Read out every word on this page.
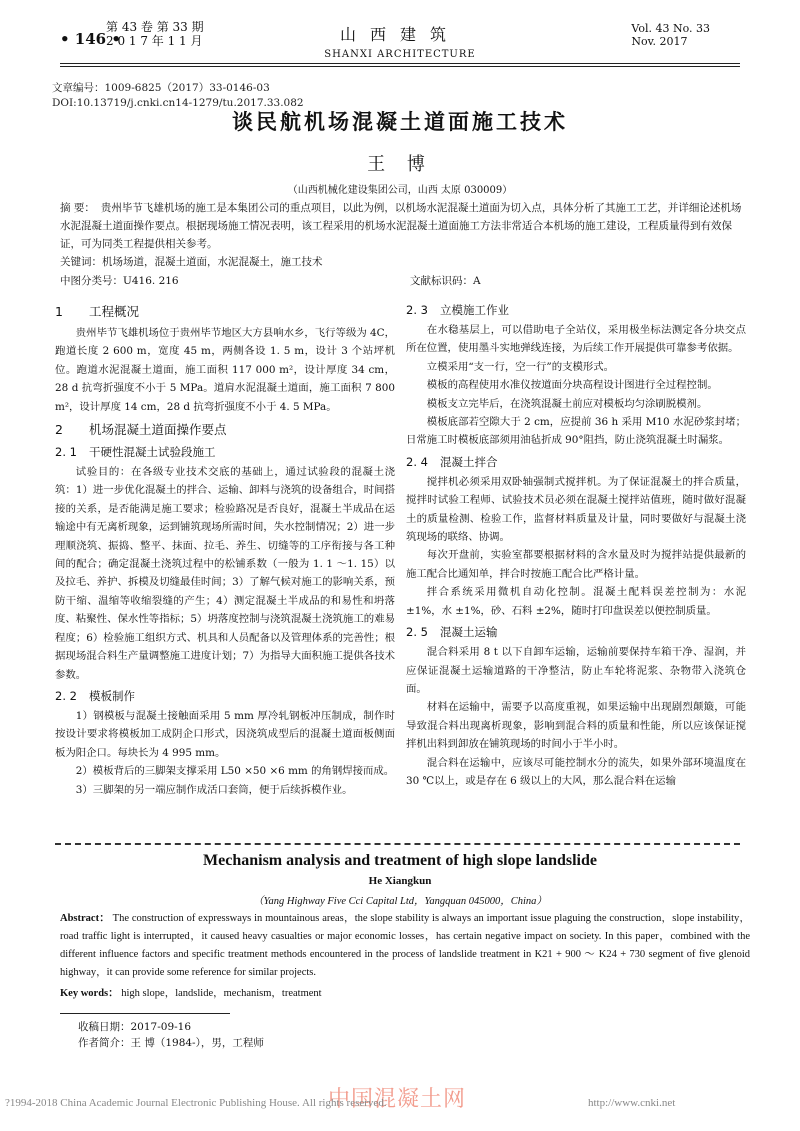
• 146 •
第 43 卷 第 33 期
2 0 1 7 年 1 1 月	山西建筑
SHANXI ARCHITECTURE
Vol. 43 No. 33
Nov. 2017
文章编号：1009-6825（2017）33-0146-03
DOI:10.13719/j.cnki.cn14-1279/tu.2017.33.082
谈民航机场混凝土道面施工技术
王 博
（山西机械化建设集团公司，山西 太原 030009）
摘 要： 贵州毕节飞雄机场的施工是本集团公司的重点项目，以此为例，以机场水泥混凝土道面为切入点，具体分析了其施工工艺，并详细论述机场水泥混凝土道面操作要点。根据现场施工情况表明，该工程采用的机场水泥混凝土道面施工方法非常适合本机场的施工建设，工程质量得到有效保证，可为同类工程提供相关参考。
关键词：机场场道，混凝土道面，水泥混凝土，施工技术
中图分类号：U416. 216	文献标识码：A
1 工程概况

贵州毕节飞雄机场位于贵州毕节地区大方县响水乡，飞行等级为 4C，跑道长度 2 600 m，宽度 45 m，两侧各设 1. 5 m，设计 3 个站坪机位。跑道水泥混凝土道面，施工面积 117 000 m²，设计厚度 34 cm，28 d 抗弯折强度不小于 5 MPa。道肩水泥混凝土道面，施工面积 7 800 m²，设计厚度 14 cm，28 d 抗弯折强度不小于 4. 5 MPa。

2 机场混凝土道面操作要点
2. 1 干硬性混凝土试验段施工

试验目的：在各级专业技术交底的基础上，通过试验段的混凝土浇筑：1）进一步优化混凝土的拌合、运输、卸料与浇筑的设备组合，时间搭接的关系，是否能满足施工要求；检验路况是否良好，混凝土半成品在运输途中有无离析现象，运到铺筑现场所需时间，失水控制情况；2）进一步理顺浇筑、振捣、整平、抹面、拉毛、养生、切缝等的工序衔接与各工种间的配合；确定混凝土浇筑过程中的松铺系数（一般为 1. 1 ～1. 15）以及拉毛、养护、拆模及切缝最佳时间；3）了解气候对施工的影响关系，预防干缩、温缩等收缩裂缝的产生；4）测定混凝土半成品的和易性和坍落度、粘聚性、保水性等指标；5）坍落度控制与浇筑混凝土浇筑施工的难易程度；6）检验施工组织方式、机具和人员配备以及管理体系的完善性；根据现场混合料生产量调整施工进度计划；7）为指导大面积施工提供各技术参数。

2. 2 模板制作

1）钢模板与混凝土接触面采用 5 mm 厚冷轧钢板冲压制成，制作时按设计要求将模板加工成阴企口形式，因浇筑成型后的混凝土道面板侧面板为阳企口。每块长为 4 995 mm。

2）模板背后的三脚架支撑采用 L50 ×50 ×6 mm 的角钢焊接而成。

3）三脚架的另一端应制作成活口套筒，便于后续拆模作业。

2. 3 立模施工作业

在水稳基层上，可以借助电子全站仪，采用极坐标法测定各分块交点所在位置，使用墨斗实地弹线连接，为后续工作开展提供可靠参考依据。

立模采用“支一行，空一行”的支模形式。

模板的高程使用水准仪按道面分块高程设计图进行全过程控制。

模板支立完毕后，在浇筑混凝土前应对模板均匀涂刷脱模剂。

模板底部若空隙大于 2 cm，应提前 36 h 采用 M10 水泥砂浆封堵；日常施工时模板底部须用油毡折成 90°阻挡，防止浇筑混凝土时漏浆。

2. 4 混凝土拌合

搅拌机必须采用双卧轴强制式搅拌机。为了保证混凝土的拌合质量，搅拌时试验工程师、试验技术员必须在混凝土搅拌站值班，随时做好混凝土的质量检测、检验工作，监督材料质量及计量，同时要做好与混凝土浇筑现场的联络、协调。

每次开盘前，实验室都要根据材料的含水量及时为搅拌站提供最新的施工配合比通知单，拌合时按施工配合比严格计量。

拌合系统采用微机自动化控制。混凝土配料误差控制为：水泥 ±1%，水 ±1%，砂、石料 ±2%，随时打印盘误差以便控制质量。

2. 5 混凝土运输

混合料采用 8 t 以下自卸车运输，运输前要保持车箱干净、湿润，并应保证混凝土运输道路的干净整洁，防止车轮将泥浆、杂物带入浇筑仓面。

材料在运输中，需要予以高度重视，如果运输中出现剧烈颠簸，可能导致混合料出现离析现象，影响到混合料的质量和性能，所以应该保证搅拌机出料到卸放在铺筑现场的时间小于半小时。

混合料在运输中，应该尽可能控制水分的流失，如果外部环境温度在 30 ℃以上，或是存在 6 级以上的大风，那么混合料在运输

Mechanism analysis and treatment of high slope landslide
He Xiangkun
（Yang Highway Five Cci Capital Ltd，Yangquan 045000，China）
Abstract： The construction of expressways in mountainous areas，the slope stability is always an important issue plaguing the construction，slope instability，road traffic light is interrupted，it caused heavy casualties or major economic losses，has certain negative impact on society. In this paper，combined with the different influence factors and specific treatment methods encountered in the process of landslide treatment in K21 + 900 ～ K24 + 730 segment of five glenoid highway，it can provide some reference for similar projects.
Key words： high slope，landslide，mechanism，treatment
收稿日期：2017-09-16
作者简介：王 博（1984-），男，工程师
中国混凝土网
?1994-2018 China Academic Journal Electronic Publishing House. All rights reserved.	http://www.cnki.net
